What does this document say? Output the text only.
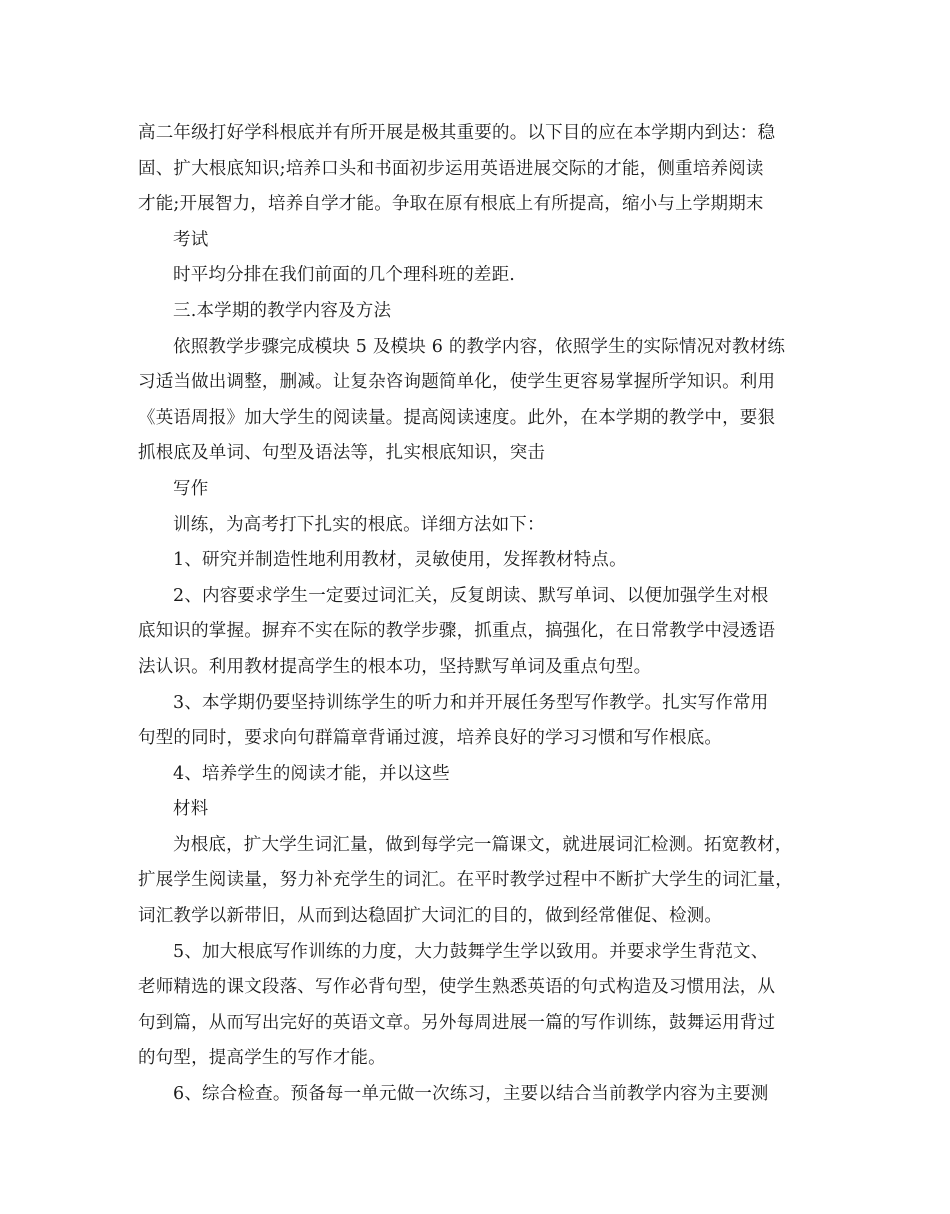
高二年级打好学科根底并有所开展是极其重要的。以下目的应在本学期内到达：稳
固、扩大根底知识;培养口头和书面初步运用英语进展交际的才能，侧重培养阅读
才能;开展智力，培养自学才能。争取在原有根底上有所提高，缩小与上学期期末
考试
时平均分排在我们前面的几个理科班的差距.
三.本学期的教学内容及方法
依照教学步骤完成模块 5 及模块 6 的教学内容，依照学生的实际情况对教材练
习适当做出调整，删减。让复杂咨询题简单化，使学生更容易掌握所学知识。利用
《英语周报》加大学生的阅读量。提高阅读速度。此外，在本学期的教学中，要狠
抓根底及单词、句型及语法等，扎实根底知识，突击
写作
训练，为高考打下扎实的根底。详细方法如下：
1、研究并制造性地利用教材，灵敏使用，发挥教材特点。
2、内容要求学生一定要过词汇关，反复朗读、默写单词、以便加强学生对根
底知识的掌握。摒弃不实在际的教学步骤，抓重点，搞强化，在日常教学中浸透语
法认识。利用教材提高学生的根本功，坚持默写单词及重点句型。
3、本学期仍要坚持训练学生的听力和并开展任务型写作教学。扎实写作常用
句型的同时，要求向句群篇章背诵过渡，培养良好的学习习惯和写作根底。
4、培养学生的阅读才能，并以这些
材料
为根底，扩大学生词汇量，做到每学完一篇课文，就进展词汇检测。拓宽教材，
扩展学生阅读量，努力补充学生的词汇。在平时教学过程中不断扩大学生的词汇量，
词汇教学以新带旧，从而到达稳固扩大词汇的目的，做到经常催促、检测。
5、加大根底写作训练的力度，大力鼓舞学生学以致用。并要求学生背范文、
老师精选的课文段落、写作必背句型，使学生熟悉英语的句式构造及习惯用法，从
句到篇，从而写出完好的英语文章。另外每周进展一篇的写作训练，鼓舞运用背过
的句型，提高学生的写作才能。
6、综合检查。预备每一单元做一次练习，主要以结合当前教学内容为主要测
